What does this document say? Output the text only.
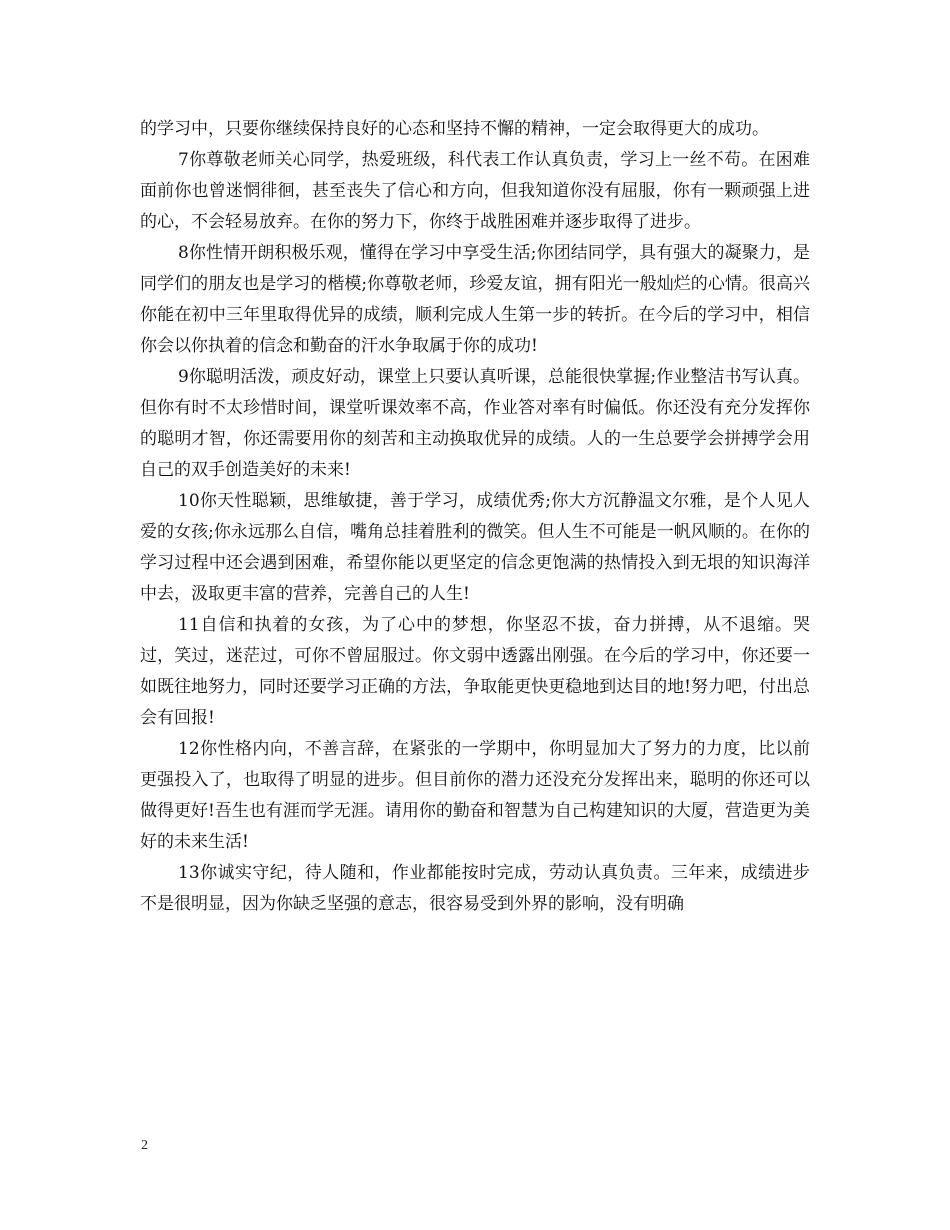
的学习中，只要你继续保持良好的心态和坚持不懈的精神，一定会取得更大的成功。

7你尊敬老师关心同学，热爱班级，科代表工作认真负责，学习上一丝不苟。在困难面前你也曾迷惘徘徊，甚至丧失了信心和方向，但我知道你没有屈服，你有一颗顽强上进的心，不会轻易放弃。在你的努力下，你终于战胜困难并逐步取得了进步。

8你性情开朗积极乐观，懂得在学习中享受生活;你团结同学，具有强大的凝聚力，是同学们的朋友也是学习的楷模;你尊敬老师，珍爱友谊，拥有阳光一般灿烂的心情。很高兴你能在初中三年里取得优异的成绩，顺利完成人生第一步的转折。在今后的学习中，相信你会以你执着的信念和勤奋的汗水争取属于你的成功!

9你聪明活泼，顽皮好动，课堂上只要认真听课，总能很快掌握;作业整洁书写认真。但你有时不太珍惜时间，课堂听课效率不高，作业答对率有时偏低。你还没有充分发挥你的聪明才智，你还需要用你的刻苦和主动换取优异的成绩。人的一生总要学会拼搏学会用自己的双手创造美好的未来!

10你天性聪颖，思维敏捷，善于学习，成绩优秀;你大方沉静温文尔雅，是个人见人爱的女孩;你永远那么自信，嘴角总挂着胜利的微笑。但人生不可能是一帆风顺的。在你的学习过程中还会遇到困难，希望你能以更坚定的信念更饱满的热情投入到无垠的知识海洋中去，汲取更丰富的营养，完善自己的人生!

11自信和执着的女孩，为了心中的梦想，你坚忍不拔，奋力拼搏，从不退缩。哭过，笑过，迷茫过，可你不曾屈服过。你文弱中透露出刚强。在今后的学习中，你还要一如既往地努力，同时还要学习正确的方法，争取能更快更稳地到达目的地!努力吧，付出总会有回报!

12你性格内向，不善言辞，在紧张的一学期中，你明显加大了努力的力度，比以前更强投入了，也取得了明显的进步。但目前你的潜力还没充分发挥出来，聪明的你还可以做得更好!吾生也有涯而学无涯。请用你的勤奋和智慧为自己构建知识的大厦，营造更为美好的未来生活!

13你诚实守纪，待人随和，作业都能按时完成，劳动认真负责。三年来，成绩进步不是很明显，因为你缺乏坚强的意志，很容易受到外界的影响，没有明确

2
